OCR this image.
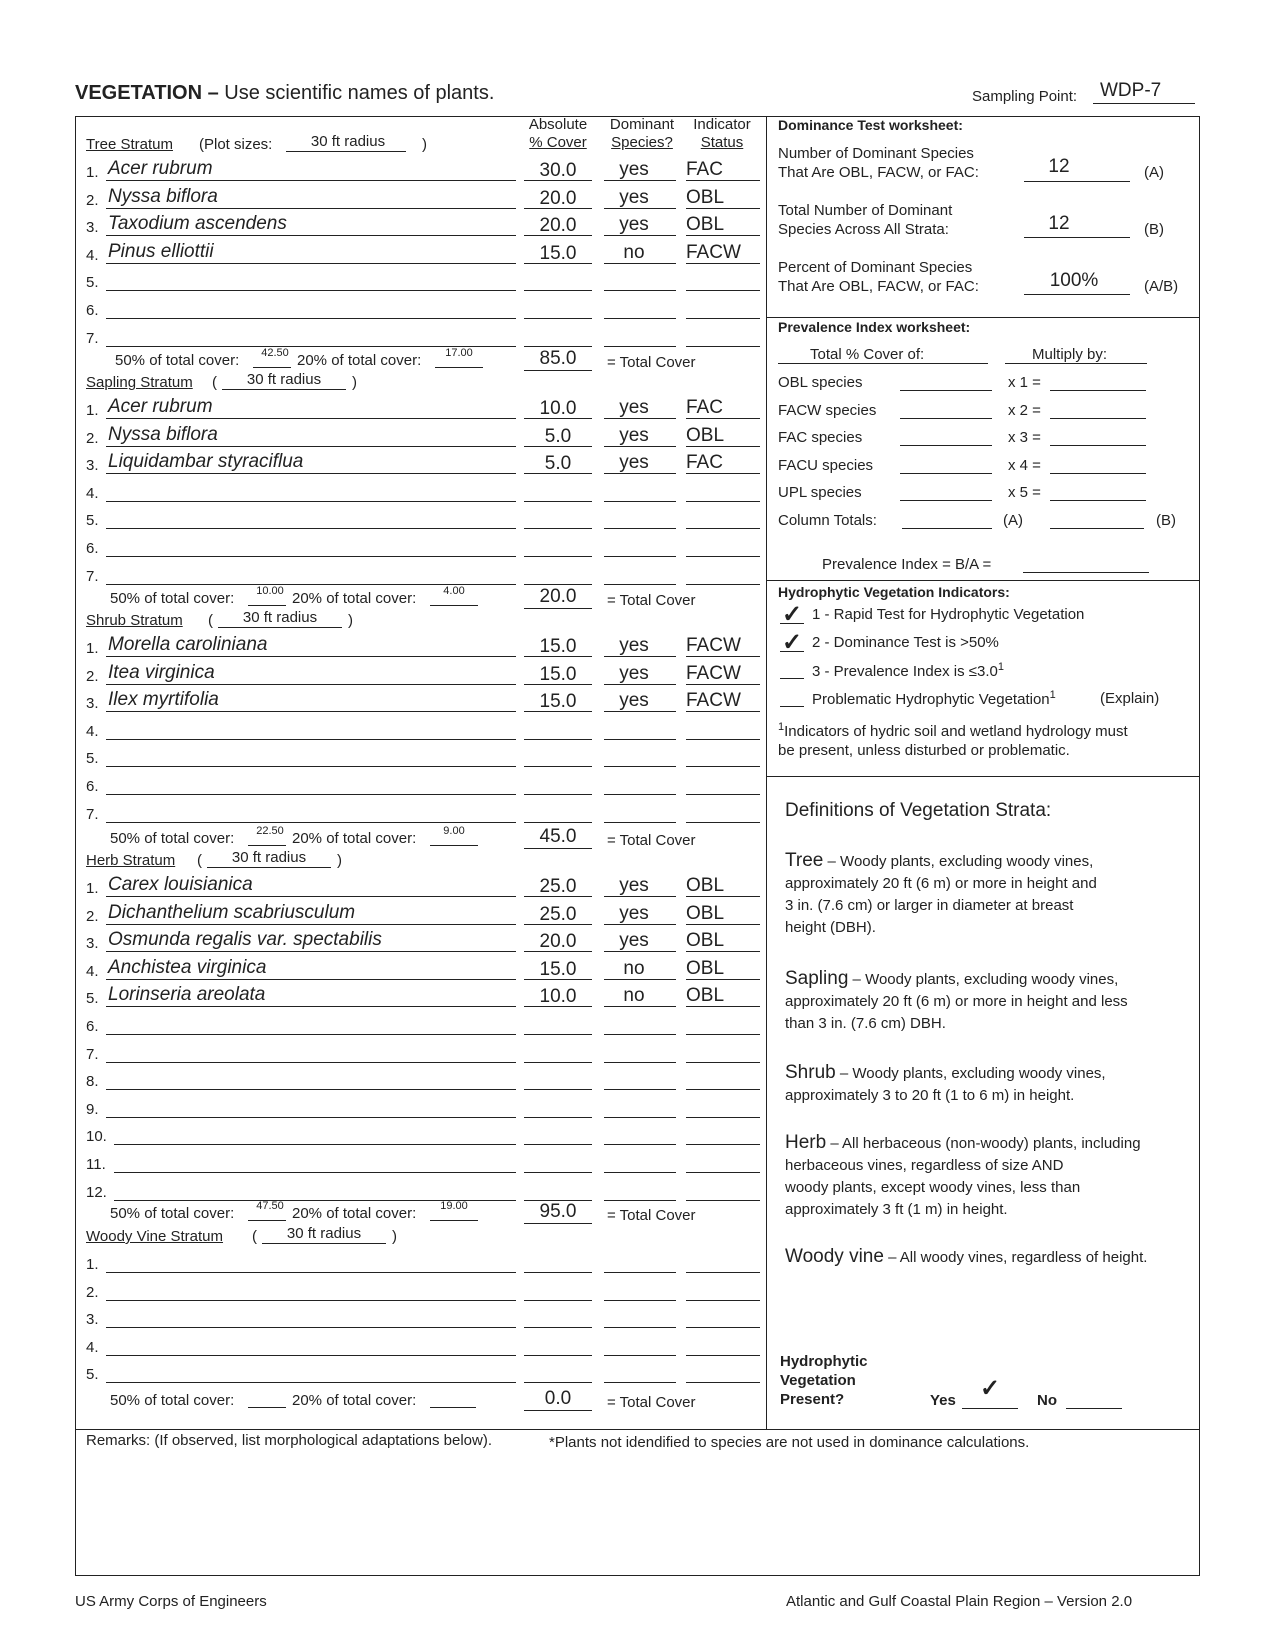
VEGETATION – Use scientific names of plants.	Sampling Point: WDP-7
Absolute
% Cover
Dominant
Species?
Indicator
Status
Tree Stratum (Plot sizes:	30 ft radius	)
1. Acer rubrum	30.0	yes	FAC
2. Nyssa biflora	20.0	yes	OBL
3. Taxodium ascendens	20.0	yes	OBL
4. Pinus elliottii	15.0	no	FACW
5.
6.
7.
50% of total cover:	42.50 20% of total cover:	17.00	85.0	= Total Cover
Sapling Stratum (	30 ft radius	)
1. Acer rubrum	10.0	yes	FAC
2. Nyssa biflora	5.0	yes	OBL
3. Liquidambar styraciflua	5.0	yes	FAC
4.
5.
6.
7.
50% of total cover:	10.00 20% of total cover:	4.00	20.0	= Total Cover
Shrub Stratum (	30 ft radius	)
1. Morella caroliniana	15.0	yes	FACW
2. Itea virginica	15.0	yes	FACW
3. Ilex myrtifolia	15.0	yes	FACW
4.
5.
6.
7.
50% of total cover:	22.50 20% of total cover:	9.00	45.0	= Total Cover
Herb Stratum (	30 ft radius	)
1. Carex louisianica	25.0	yes	OBL
2. Dichanthelium scabriusculum	25.0	yes	OBL
3. Osmunda regalis var. spectabilis	20.0	yes	OBL
4. Anchistea virginica	15.0	no	OBL
5. Lorinseria areolata	10.0	no	OBL
6.
7.
8.
9.
10.
11.
12.
50% of total cover:	47.50 20% of total cover:	19.00	95.0	= Total Cover
Woody Vine Stratum (	30 ft radius	)
1.
2.
3.
4.
5.
50% of total cover:	20% of total cover:	0.0	= Total Cover
Dominance Test worksheet:
Number of Dominant Species
That Are OBL, FACW, or FAC:	12	(A)
Total Number of Dominant
Species Across All Strata:	12	(B)
Percent of Dominant Species
That Are OBL, FACW, or FAC:	100%	(A/B)
Prevalence Index worksheet:
Total % Cover of:	Multiply by:
OBL species	x 1 =
FACW species	x 2 =
FAC species	x 3 =
FACU species	x 4 =
UPL species	x 5 =
Column Totals:	(A)	(B)
Prevalence Index = B/A =
Hydrophytic Vegetation Indicators:
✓ 1 - Rapid Test for Hydrophytic Vegetation
✓ 2 - Dominance Test is >50%
3 - Prevalence Index is $\le 3.0^1$
Problematic Hydrophytic Vegetation$^1$	(Explain)
$^1$Indicators of hydric soil and wetland hydrology must
be present, unless disturbed or problematic.
Definitions of Vegetation Strata:
Tree – Woody plants, excluding woody vines,
approximately 20 ft (6 m) or more in height and
3 in. (7.6 cm) or larger in diameter at breast
height (DBH).
Sapling – Woody plants, excluding woody vines,
approximately 20 ft (6 m) or more in height and less
than 3 in. (7.6 cm) DBH.
Shrub – Woody plants, excluding woody vines,
approximately 3 to 20 ft (1 to 6 m) in height.
Herb – All herbaceous (non-woody) plants, including
herbaceous vines, regardless of size AND
woody plants, except woody vines, less than
approximately 3 ft (1 m) in height.
Woody vine – All woody vines, regardless of height.
Hydrophytic
Vegetation
Present?	Yes ✓ No
Remarks: (If observed, list morphological adaptations below).	*Plants not idendified to species are not used in dominance calculations.
US Army Corps of Engineers	Atlantic and Gulf Coastal Plain Region – Version 2.0
